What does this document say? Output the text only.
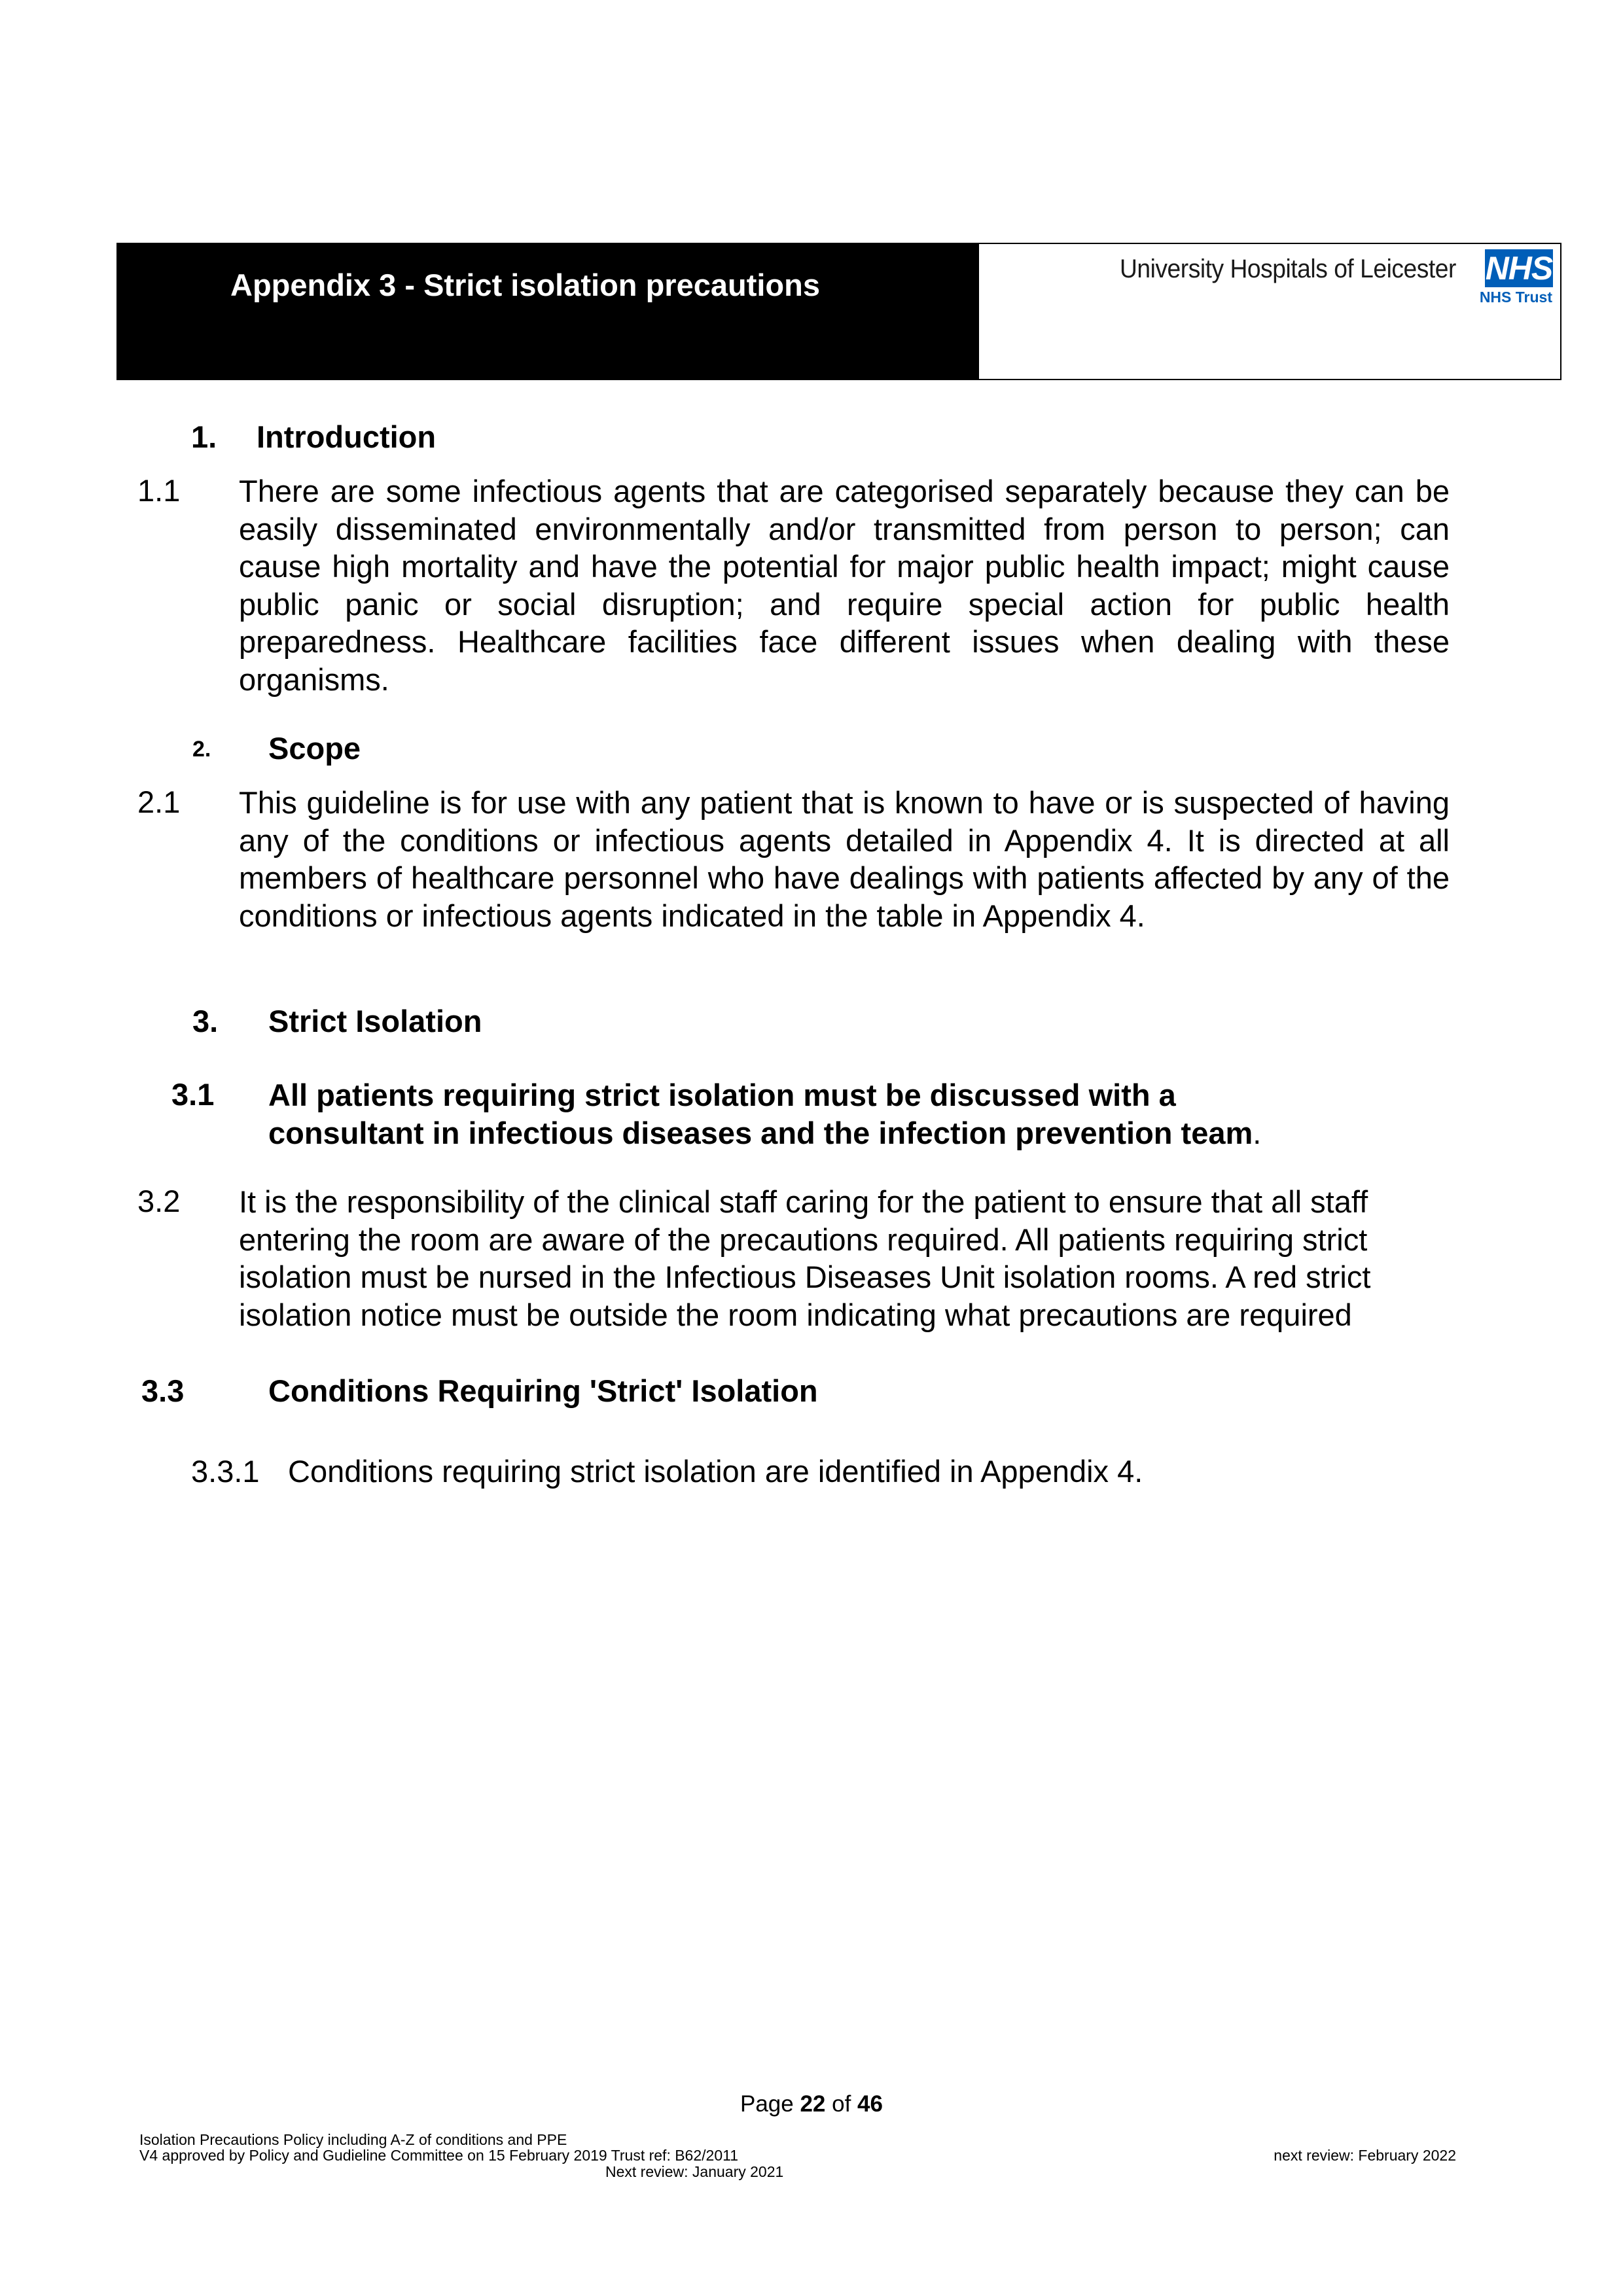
Appendix 3 - Strict isolation precautions	University Hospitals of Leicester NHS
NHS Trust
1. Introduction
1.1 There are some infectious agents that are categorised separately because they can be easily disseminated environmentally and/or transmitted from person to person; can cause high mortality and have the potential for major public health impact; might cause public panic or social disruption; and require special action for public health preparedness. Healthcare facilities face different issues when dealing with these organisms.
2. Scope
2.1 This guideline is for use with any patient that is known to have or is suspected of having any of the conditions or infectious agents detailed in Appendix 4. It is directed at all members of healthcare personnel who have dealings with patients affected by any of the conditions or infectious agents indicated in the table in Appendix 4.
3. Strict Isolation
3.1 All patients requiring strict isolation must be discussed with a consultant in infectious diseases and the infection prevention team.
3.2 It is the responsibility of the clinical staff caring for the patient to ensure that all staff entering the room are aware of the precautions required. All patients requiring strict isolation must be nursed in the Infectious Diseases Unit isolation rooms. A red strict isolation notice must be outside the room indicating what precautions are required
3.3	Conditions Requiring 'Strict' Isolation
3.3.1 Conditions requiring strict isolation are identified in Appendix 4.
Page 22 of 46
Isolation Precautions Policy including A-Z of conditions and PPE
V4 approved by Policy and Gudieline Committee on 15 February 2019 Trust ref: B62/2011
Next review: January 2021
next review: February 2022
